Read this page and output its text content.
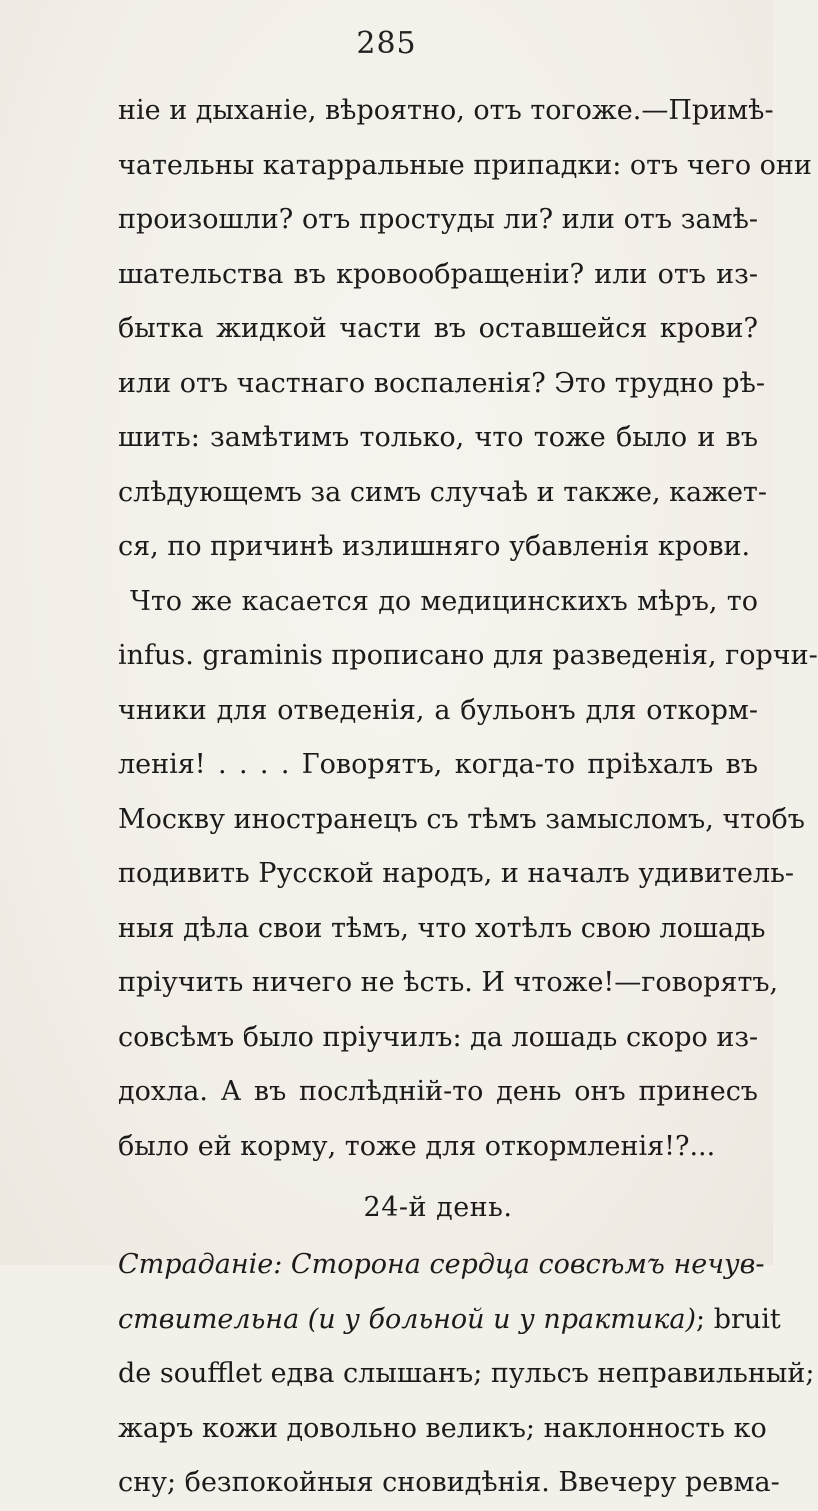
285
ніе и дыханіе, вѣроятно, отъ тогоже.—Примѣ-
чательны катарральные припадки: отъ чего они
произошли? отъ простуды ли? или отъ замѣ-
шательства въ кровообращеніи? или отъ из-
бытка жидкой части въ оставшейся крови?
или отъ частнаго воспаленія? Это трудно рѣ-
шить: замѣтимъ только, что тоже было и въ
слѣдующемъ за симъ случаѣ и также, кажет-
ся, по причинѣ излишняго убавленія крови.
Что же касается до медицинскихъ мѣръ, то
infus. graminis прописано для разведенія, горчи-
чники для отведенія, а бульонъ для откорм-
ленія! . . . . Говорятъ, когда-то пріѣхалъ въ
Москву иностранецъ съ тѣмъ замысломъ, чтобъ
подивить Русской народъ, и началъ удивитель-
ныя дѣла свои тѣмъ, что хотѣлъ свою лошадь
пріучить ничего не ѣсть. И чтоже!—говорятъ,
совсѣмъ было пріучилъ: да лошадь скоро из-
дохла. А въ послѣдній-то день онъ принесъ
было ей корму, тоже для откормленія!?...
24-й день.
Страданіе: Сторона сердца совсѣмъ нечув-
ствительна (и у больной и у практика); bruit
de soufflet едва слышанъ; пульсъ неправильный;
жаръ кожи довольно великъ; наклонность ко
сну; безпокойныя сновидѣнія. Ввечеру ревма-
